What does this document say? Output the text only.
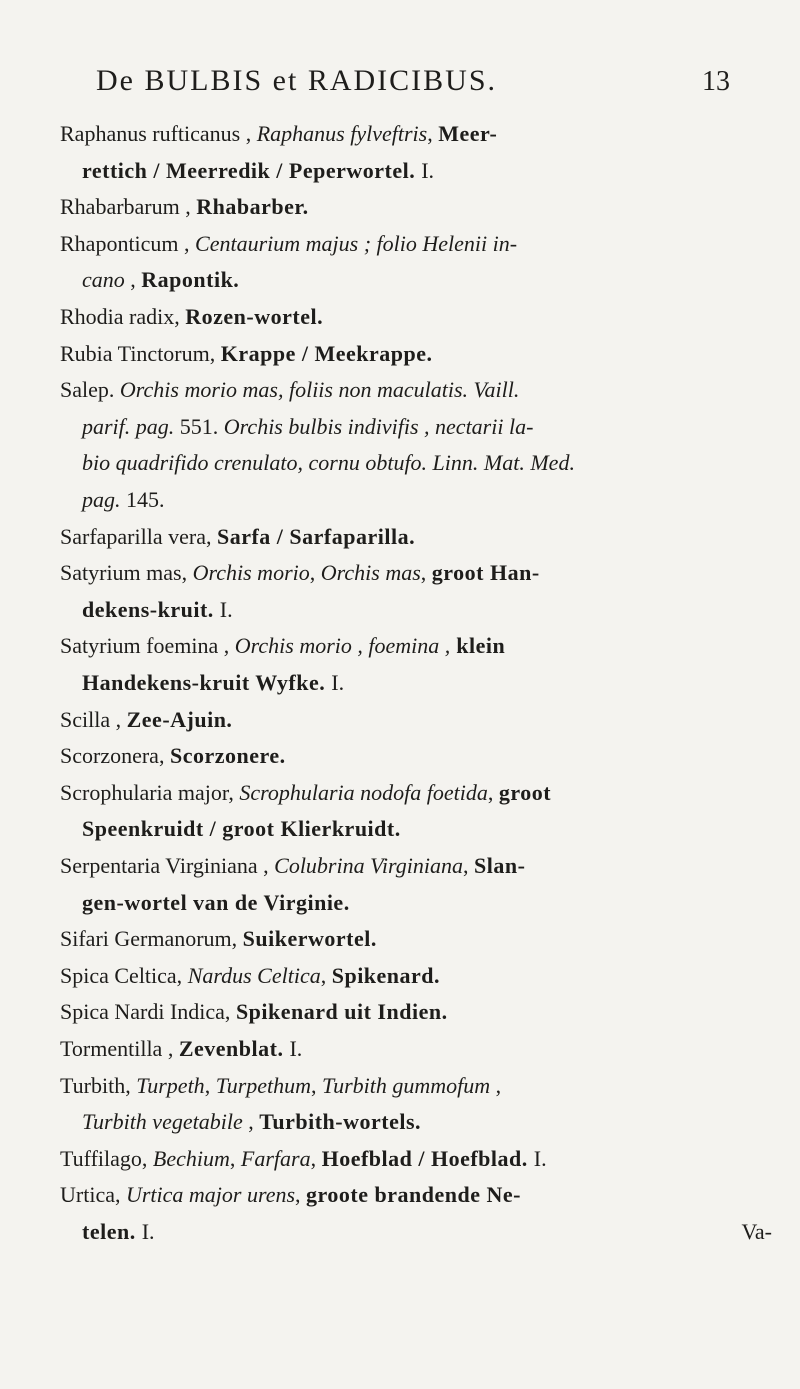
De BULBIS et RADICIBUS.	13
Raphanus rufticanus , Raphanus fylveftris, Meer-
rettich / Meerredik / Peperwortel. I.
Rhabarbarum , Rhabarber.
Rhaponticum , Centaurium majus ; folio Helenii in-
cano , Rapontik.
Rhodia radix, Rozen-wortel.
Rubia Tinctorum, Krappe / Meekrappe.
Salep. Orchis morio mas, foliis non maculatis. Vaill.
parif. pag. 551. Orchis bulbis indivifis , nectarii la-
bio quadrifido crenulato, cornu obtufo. Linn. Mat. Med.
pag. 145.
Sarfaparilla vera, Sarfa / Sarfaparilla.
Satyrium mas, Orchis morio, Orchis mas, groot Han-
dekens-kruit. I.
Satyrium foemina , Orchis morio , foemina , klein
Handekens-kruit Wyfke. I.
Scilla , Zee-Ajuin.
Scorzonera, Scorzonere.
Scrophularia major, Scrophularia nodofa foetida, groot
Speenkruidt / groot Klierkruidt.
Serpentaria Virginiana , Colubrina Virginiana, Slan-
gen-wortel van de Virginie.
Sifari Germanorum, Suikerwortel.
Spica Celtica, Nardus Celtica, Spikenard.
Spica Nardi Indica, Spikenard uit Indien.
Tormentilla , Zevenblat. I.
Turbith, Turpeth, Turpethum, Turbith gummofum ,
Turbith vegetabile , Turbith-wortels.
Tuffilago, Bechium, Farfara, Hoefblad / Hoefblad. I.
Urtica, Urtica major urens, groote brandende Ne-
telen. I.	Va-
